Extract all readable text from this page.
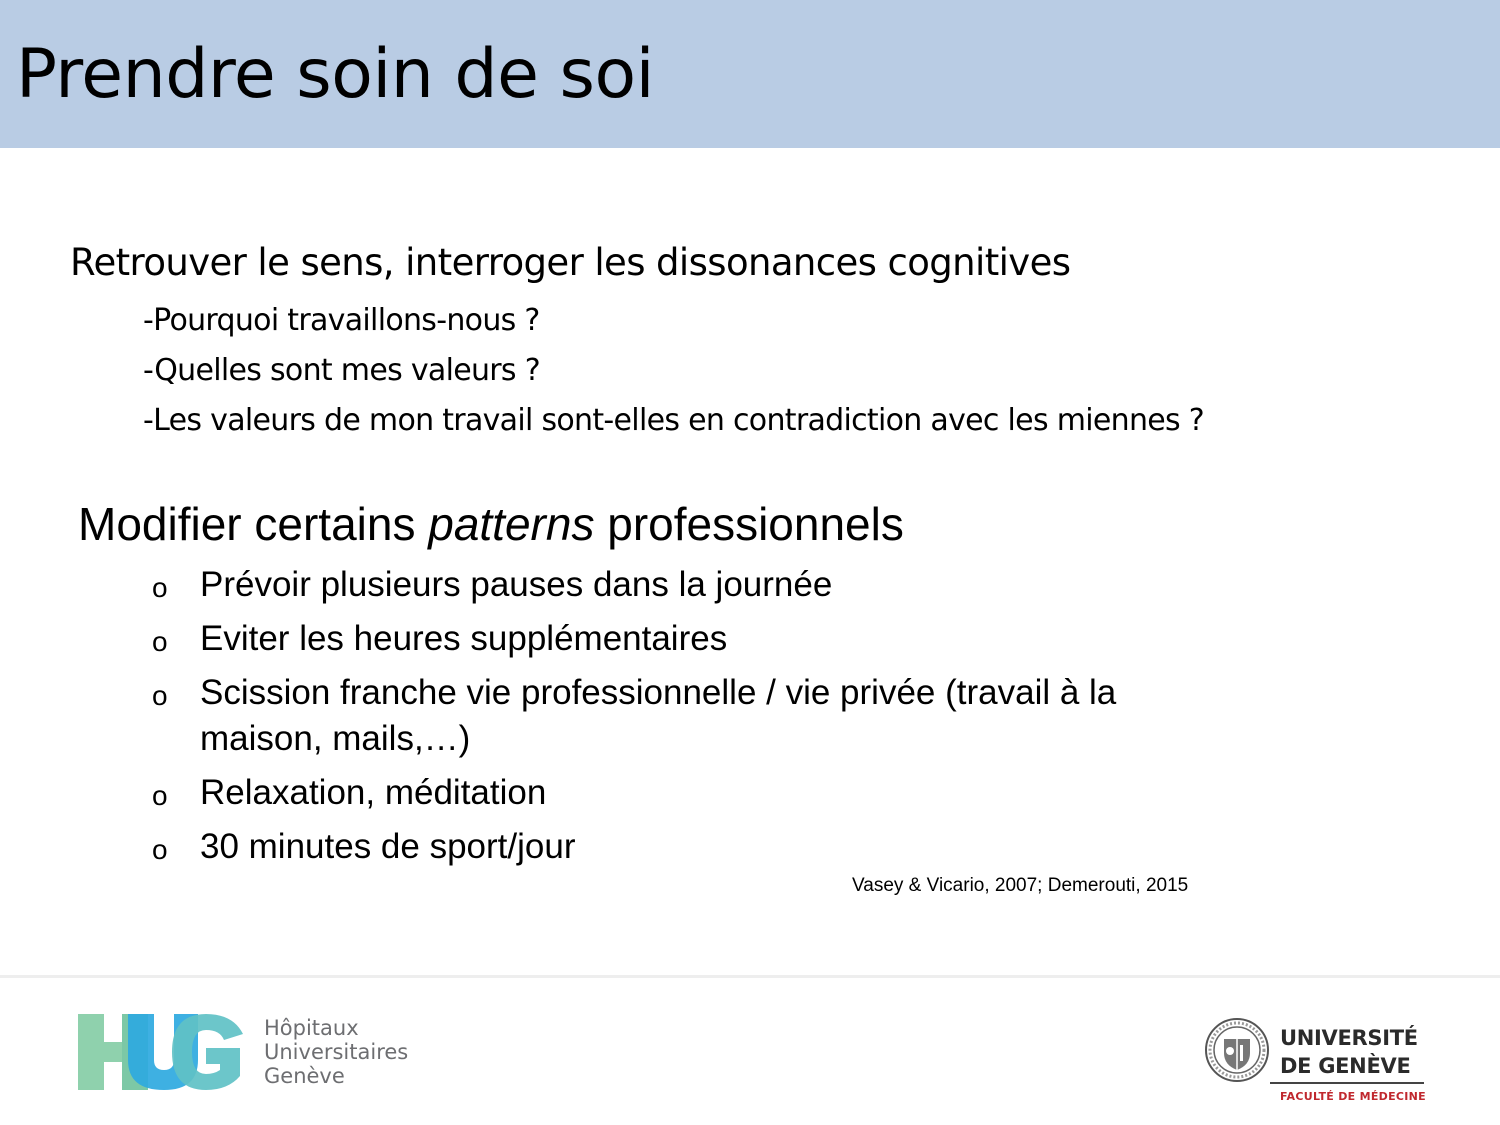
Prendre soin de soi
Retrouver le sens, interroger les dissonances cognitives
-Pourquoi travaillons-nous ?
-Quelles sont mes valeurs ?
-Les valeurs de mon travail sont-elles en contradiction avec les miennes ?
Modifier certains patterns professionnels
o Prévoir plusieurs pauses dans la journée
o Eviter les heures supplémentaires
o Scission franche vie professionnelle / vie privée (travail à la maison, mails,…)
o Relaxation, méditation
o 30 minutes de sport/jour
Vasey & Vicario, 2007; Demerouti, 2015
Hôpitaux
Universitaires
Genève
UNIVERSITÉ
DE GENÈVE
FACULTÉ DE MÉDECINE
